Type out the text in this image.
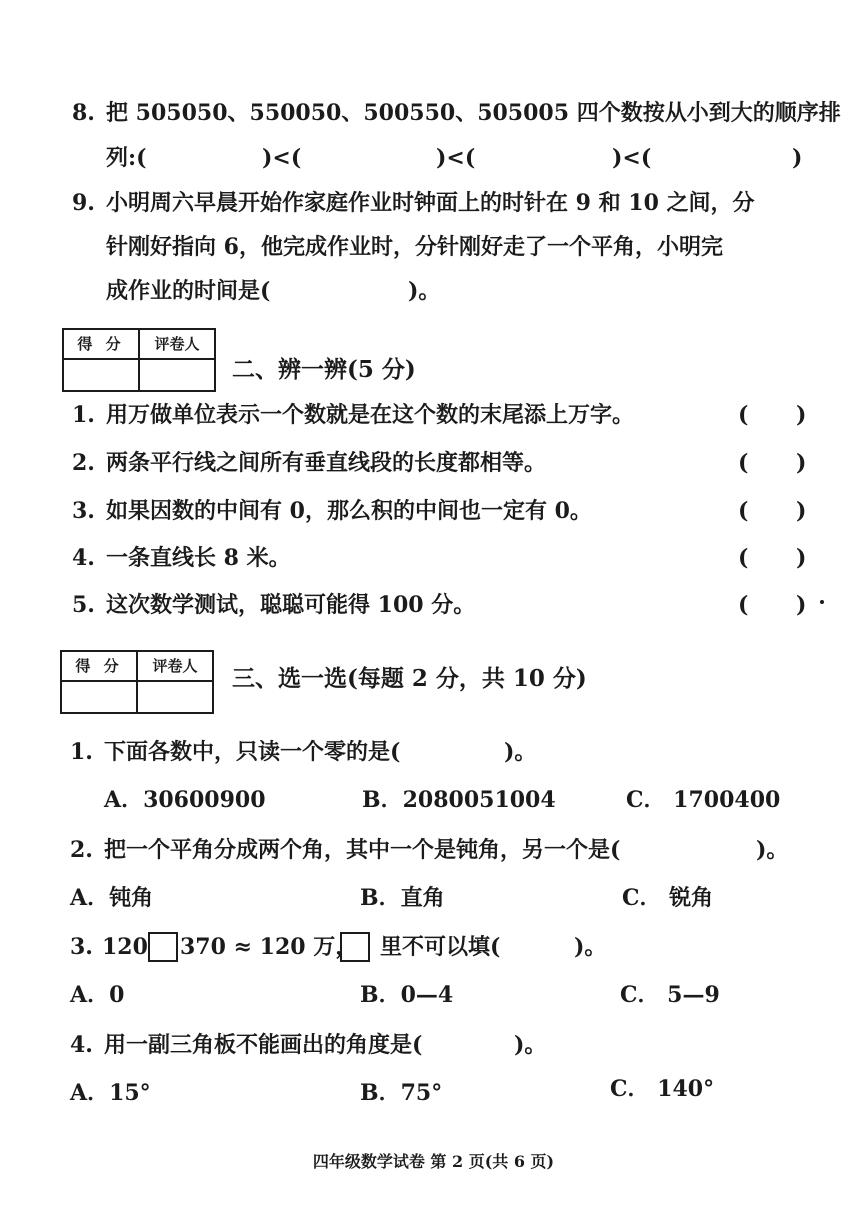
8. 把 505050、550050、500550、505005 四个数按从小到大的顺序排
列:(	)<(	)<(	)<(	)
9. 小明周六早晨开始作家庭作业时钟面上的时针在 9 和 10 之间，分
针刚好指向 6，他完成作业时，分针刚好走了一个平角，小明完
成作业的时间是(	)。
得 分	评卷人
二、辨一辨(5 分)
1. 用万做单位表示一个数就是在这个数的末尾添上万字。	( )
2. 两条平行线之间所有垂直线段的长度都相等。	( )
3. 如果因数的中间有 0，那么积的中间也一定有 0。	( )
4. 一条直线长 8 米。	( )
5. 这次数学测试，聪聪可能得 100 分。	( )
得 分	评卷人	三、选一选(每题 2 分，共 10 分)
1. 下面各数中，只读一个零的是(	)。
A．30600900	B．2080051004	C． 1700400
2. 把一个平角分成两个角，其中一个是钝角，另一个是(	)。
A．钝角	B．直角	C． 锐角
3. 120 370 ≈ 120 万， 里不可以填(	)。
A．0	B．0—4	C． 5—9
4. 用一副三角板不能画出的角度是(	)。
A．15°	B．75°	C． 140°
四年级数学试卷 第 2 页(共 6 页)
